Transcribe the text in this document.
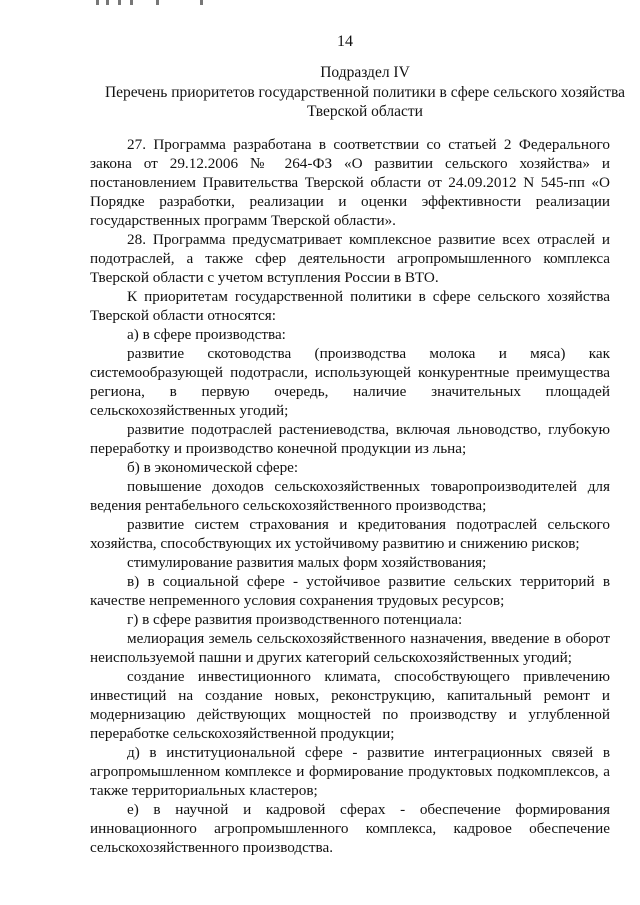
14
Подраздел IV
Перечень приоритетов государственной политики в сфере сельского хозяйства Тверской области

27. Программа разработана в соответствии со статьей 2 Федерального закона от 29.12.2006 № 264-ФЗ «О развитии сельского хозяйства» и постановлением Правительства Тверской области от 24.09.2012 N 545-пп «О Порядке разработки, реализации и оценки эффективности реализации государственных программ Тверской области».

28. Программа предусматривает комплексное развитие всех отраслей и подотраслей, а также сфер деятельности агропромышленного комплекса Тверской области с учетом вступления России в ВТО.

К приоритетам государственной политики в сфере сельского хозяйства Тверской области относятся:

а) в сфере производства:

развитие скотоводства (производства молока и мяса) как системообразующей подотрасли, использующей конкурентные преимущества региона, в первую очередь, наличие значительных площадей сельскохозяйственных угодий;

развитие подотраслей растениеводства, включая льноводство, глубокую переработку и производство конечной продукции из льна;

б) в экономической сфере:

повышение доходов сельскохозяйственных товаропроизводителей для ведения рентабельного сельскохозяйственного производства;

развитие систем страхования и кредитования подотраслей сельского хозяйства, способствующих их устойчивому развитию и снижению рисков;

стимулирование развития малых форм хозяйствования;

в) в социальной сфере - устойчивое развитие сельских территорий в качестве непременного условия сохранения трудовых ресурсов;

г) в сфере развития производственного потенциала:

мелиорация земель сельскохозяйственного назначения, введение в оборот неиспользуемой пашни и других категорий сельскохозяйственных угодий;

создание инвестиционного климата, способствующего привлечению инвестиций на создание новых, реконструкцию, капитальный ремонт и модернизацию действующих мощностей по производству и углубленной переработке сельскохозяйственной продукции;

д) в институциональной сфере - развитие интеграционных связей в агропромышленном комплексе и формирование продуктовых подкомплексов, а также территориальных кластеров;

е) в научной и кадровой сферах - обеспечение формирования инновационного агропромышленного комплекса, кадровое обеспечение сельскохозяйственного производства.
